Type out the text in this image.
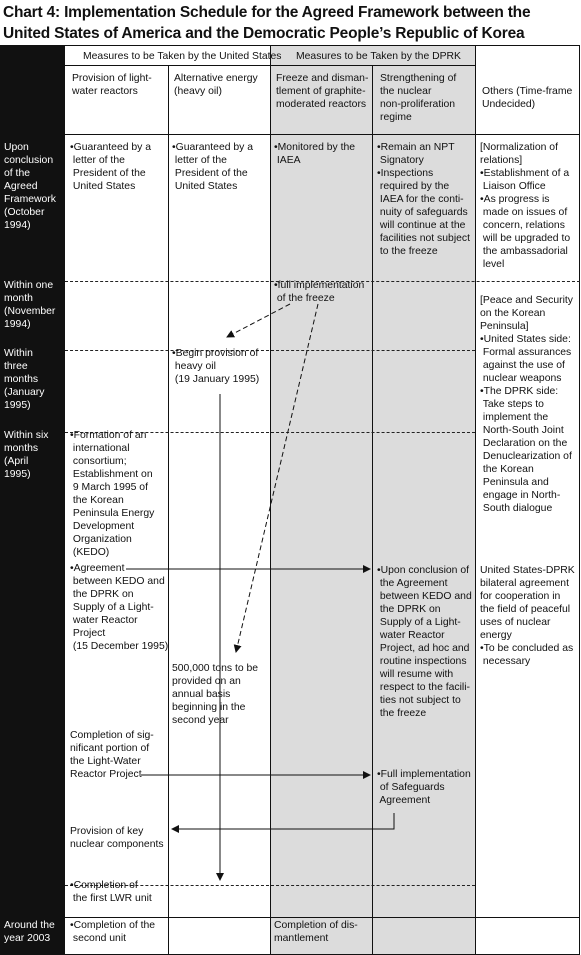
Chart 4: Implementation Schedule for the Agreed Framework between the
United States of America and the Democratic People’s Republic of Korea
Measures to be Taken by the United States Measures to be Taken by the DPRK
Provision of light-
water reactors
Alternative energy
(heavy oil)
Freeze and disman-
tlement of graphite-
moderated reactors
Strengthening of
the nuclear
non-proliferation
regime
Others (Time-frame
Undecided)
Upon
conclusion
of the
Agreed
Framework
(October
1994)
Within one
month
(November
1994)
Within
three
months
(January
1995)
Within six
months
(April
1995)
Around the
year 2003
•Guaranteed by a
letter of the
President of the
United States
•Guaranteed by a
letter of the
President of the
United States
•Monitored by the
IAEA
•Remain an NPT
Signatory
•Inspections
required by the
IAEA for the conti-
nuity of safeguards
will continue at the
facilities not subject
to the freeze
[Normalization of
relations]
•Establishment of a
Liaison Office
•As progress is
made on issues of
concern, relations
will be upgraded to
the ambassadorial
level
•full implementation
of the freeze	[Peace and Security
on the Korean
Peninsula]
•United States side:
Formal assurances
against the use of
nuclear weapons
•The DPRK side:
Take steps to
implement the
North-South Joint
Declaration on the
Denuclearization of
the Korean
Peninsula and
engage in North-
South dialogue
•Begin provision of
heavy oil
(19 January 1995)
•Formation of an
international
consortium;
Establishment on
9 March 1995 of
the Korean
Peninsula Energy
Development
Organization
(KEDO)
•Agreement
between KEDO and
the DPRK on
Supply of a Light-
water Reactor
Project
(15 December 1995)
•Upon conclusion of
the Agreement
between KEDO and
the DPRK on
Supply of a Light-
water Reactor
Project, ad hoc and
routine inspections
will resume with
respect to the facili-
ties not subject to
the freeze
United States-DPRK
bilateral agreement
for cooperation in
the field of peaceful
uses of nuclear
energy
•To be concluded as
necessary
500,000 tons to be
provided on an
annual basis
beginning in the
second year
Completion of sig-
nificant portion of
the Light-Water
Reactor Project	•Full implementation
of Safeguards
Agreement
Provision of key
nuclear components
•Completion of
the first LWR unit
•Completion of the
second unit
Completion of dis-
mantlement
